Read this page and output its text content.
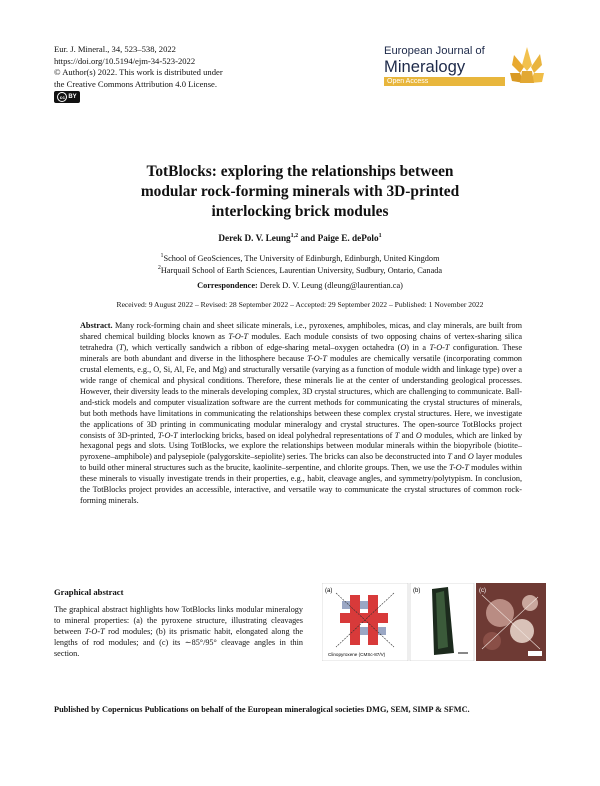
Eur. J. Mineral., 34, 523–538, 2022
https://doi.org/10.5194/ejm-34-523-2022
© Author(s) 2022. This work is distributed under
the Creative Commons Attribution 4.0 License.
cc BY
European Journal of
Mineralogy
Open Access
TotBlocks: exploring the relationships between
modular rock-forming minerals with 3D-printed
interlocking brick modules
Derek D. V. Leung$^{1,2}$ and Paige E. dePolo$^1$
$^1$School of GeoSciences, The University of Edinburgh, Edinburgh, United Kingdom
$^2$Harquail School of Earth Sciences, Laurentian University, Sudbury, Ontario, Canada
Correspondence: Derek D. V. Leung (dleung@laurentian.ca)
Received: 9 August 2022 – Revised: 28 September 2022 – Accepted: 29 September 2022 – Published: 1 November 2022
Abstract. Many rock-forming chain and sheet silicate minerals, i.e., pyroxenes, amphiboles, micas, and clay minerals, are built from shared chemical building blocks known as T-O-T modules. Each module consists of two opposing chains of vertex-sharing silica tetrahedra (T), which vertically sandwich a ribbon of edge-sharing metal–oxygen octahedra (O) in a T-O-T configuration. These minerals are both abundant and diverse in the lithosphere because T-O-T modules are chemically versatile (incorporating common crustal elements, e.g., O, Si, Al, Fe, and Mg) and structurally versatile (varying as a function of module width and linkage type) over a wide range of chemical and physical conditions. Therefore, these minerals lie at the center of understanding geological processes. However, their diversity leads to the minerals developing complex, 3D crystal structures, which are challenging to communicate. Ball-and-stick models and computer visualization software are the current methods for communicating the crystal structures of minerals, but both methods have limitations in communicating the relationships between these complex crystal structures. Here, we investigate the applications of 3D printing in communicating modular mineralogy and crystal structures. The open-source TotBlocks project consists of 3D-printed, T-O-T interlocking bricks, based on ideal polyhedral representations of T and O modules, which are linked by hexagonal pegs and slots. Using TotBlocks, we explore the relationships between modular minerals within the biopyribole (biotite–pyroxene–amphibole) and palysepiole (palygorskite–sepiolite) series. The bricks can also be deconstructed into T and O layer modules to build other mineral structures such as the brucite, kaolinite–serpentine, and chlorite groups. Then, we use the T-O-T modules within these minerals to visually investigate trends in their properties, e.g., habit, cleavage angles, and symmetry/polytypism. In conclusion, the TotBlocks project provides an accessible, interactive, and versatile way to communicate the crystal structures of common rock-forming minerals.
Graphical abstract
The graphical abstract highlights how TotBlocks links modular mineralogy to mineral properties: (a) the pyroxene structure, illustrating cleavages between T-O-T rod modules; (b) its prismatic habit, elongated along the lengths of rod modules; and (c) its ∼85°/95° cleavage angles in thin section.
(a)
Clinopyroxene (CMSc-87/V)
(b)	(c)
Published by Copernicus Publications on behalf of the European mineralogical societies DMG, SEM, SIMP & SFMC.
